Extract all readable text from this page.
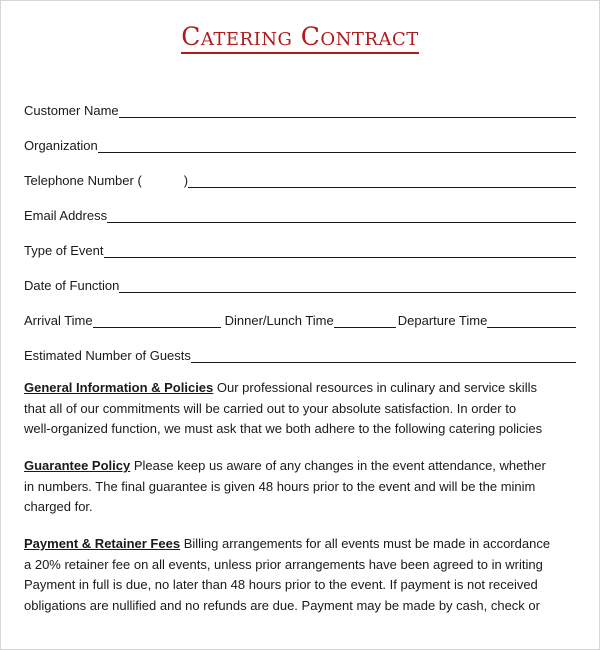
Catering Contract
Customer Name
Organization
Telephone Number (	)
Email Address
Type of Event
Date of Function
Arrival Time	Dinner/Lunch Time	Departure Time
Estimated Number of Guests
General Information & Policies Our professional resources in culinary and service skills
that all of our commitments will be carried out to your absolute satisfaction. In order to
well-organized function, we must ask that we both adhere to the following catering policies
Guarantee Policy Please keep us aware of any changes in the event attendance, whether
in numbers. The final guarantee is given 48 hours prior to the event and will be the minim
charged for.
Payment & Retainer Fees Billing arrangements for all events must be made in accordance
a 20% retainer fee on all events, unless prior arrangements have been agreed to in writing
Payment in full is due, no later than 48 hours prior to the event. If payment is not received
obligations are nullified and no refunds are due. Payment may be made by cash, check or
